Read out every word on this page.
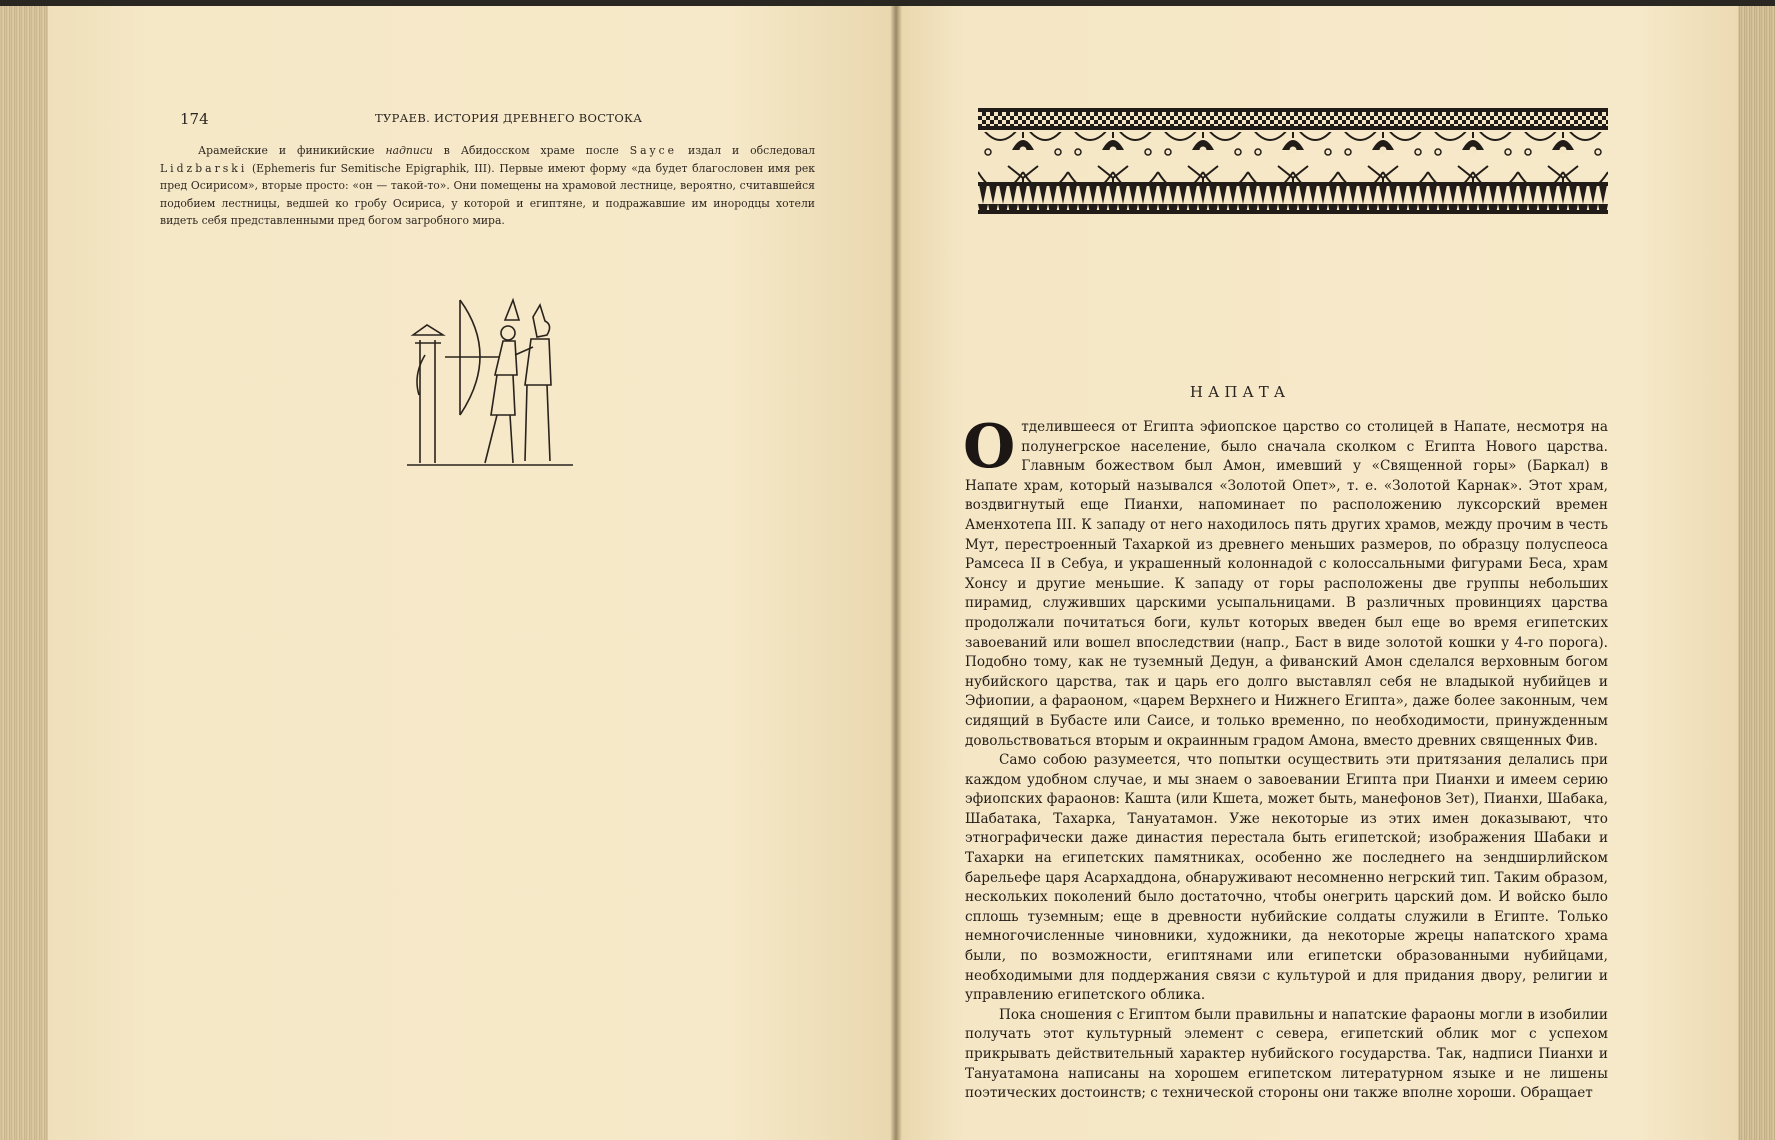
174	ТУРАЕВ. ИСТОРИЯ ДРЕВНЕГО ВОСТОКА

Арамейские и финикийские надписи в Абидосском храме после Sayce издал и обследовал Lidzbarski (Ephemeris fur Semitische Epigraphik, III). Первые имеют форму «да будет благословен имя рек пред Осирисом», вторые просто: «он — такой-то». Они помещены на храмовой лестнице, вероятно, считавшейся подобием лестницы, ведшей ко гробу Осириса, у которой и египтяне, и подражавшие им инородцы хотели видеть себя представленными пред богом загробного мира.

НАПАТА

Отделившееся от Египта эфиопское царство со столицей в Напате, несмотря на полунегрское население, было сначала сколком с Египта Нового царства. Главным божеством был Амон, имевший у «Священной горы» (Баркал) в Напате храм, который назывался «Золотой Опет», т. е. «Золотой Карнак». Этот храм, воздвигнутый еще Пианхи, напоминает по расположению луксорский времен Аменхотепа III. К западу от него находилось пять других храмов, между прочим в честь Мут, перестроенный Тахаркой из древнего меньших размеров, по образцу полуспеоса Рамсеса II в Себуа, и украшенный колоннадой с колоссальными фигурами Беса, храм Хонсу и другие меньшие. К западу от горы расположены две группы небольших пирамид, служивших царскими усыпальницами. В различных провинциях царства продолжали почитаться боги, культ которых введен был еще во время египетских завоеваний или вошел впоследствии (напр., Баст в виде золотой кошки у 4-го порога). Подобно тому, как не туземный Дедун, а фиванский Амон сделался верховным богом нубийского царства, так и царь его долго выставлял себя не владыкой нубийцев и Эфиопии, а фараоном, «царем Верхнего и Нижнего Египта», даже более законным, чем сидящий в Бубасте или Саисе, и только временно, по необходимости, принужденным довольствоваться вторым и окраинным градом Амона, вместо древних священных Фив.

Само собою разумеется, что попытки осуществить эти притязания делались при каждом удобном случае, и мы знаем о завоевании Египта при Пианхи и имеем серию эфиопских фараонов: Кашта (или Кшета, может быть, манефонов Зет), Пианхи, Шабака, Шабатака, Тахарка, Тануатамон. Уже некоторые из этих имен доказывают, что этнографически даже династия перестала быть египетской; изображения Шабаки и Тахарки на египетских памятниках, особенно же последнего на зендширлийском барельефе царя Асархаддона, обнаруживают несомненно негрский тип. Таким образом, нескольких поколений было достаточно, чтобы онегрить царский дом. И войско было сплошь туземным; еще в древности нубийские солдаты служили в Египте. Только немногочисленные чиновники, художники, да некоторые жрецы напатского храма были, по возможности, египтянами или египетски образованными нубийцами, необходимыми для поддержания связи с культурой и для придания двору, религии и управлению египетского облика.

Пока сношения с Египтом были правильны и напатские фараоны могли в изобилии получать этот культурный элемент с севера, египетский облик мог с успехом прикрывать действительный характер нубийского государства. Так, надписи Пианхи и Тануатамона написаны на хорошем египетском литературном языке и не лишены поэтических достоинств; с технической стороны они также вполне хороши. Обращает
